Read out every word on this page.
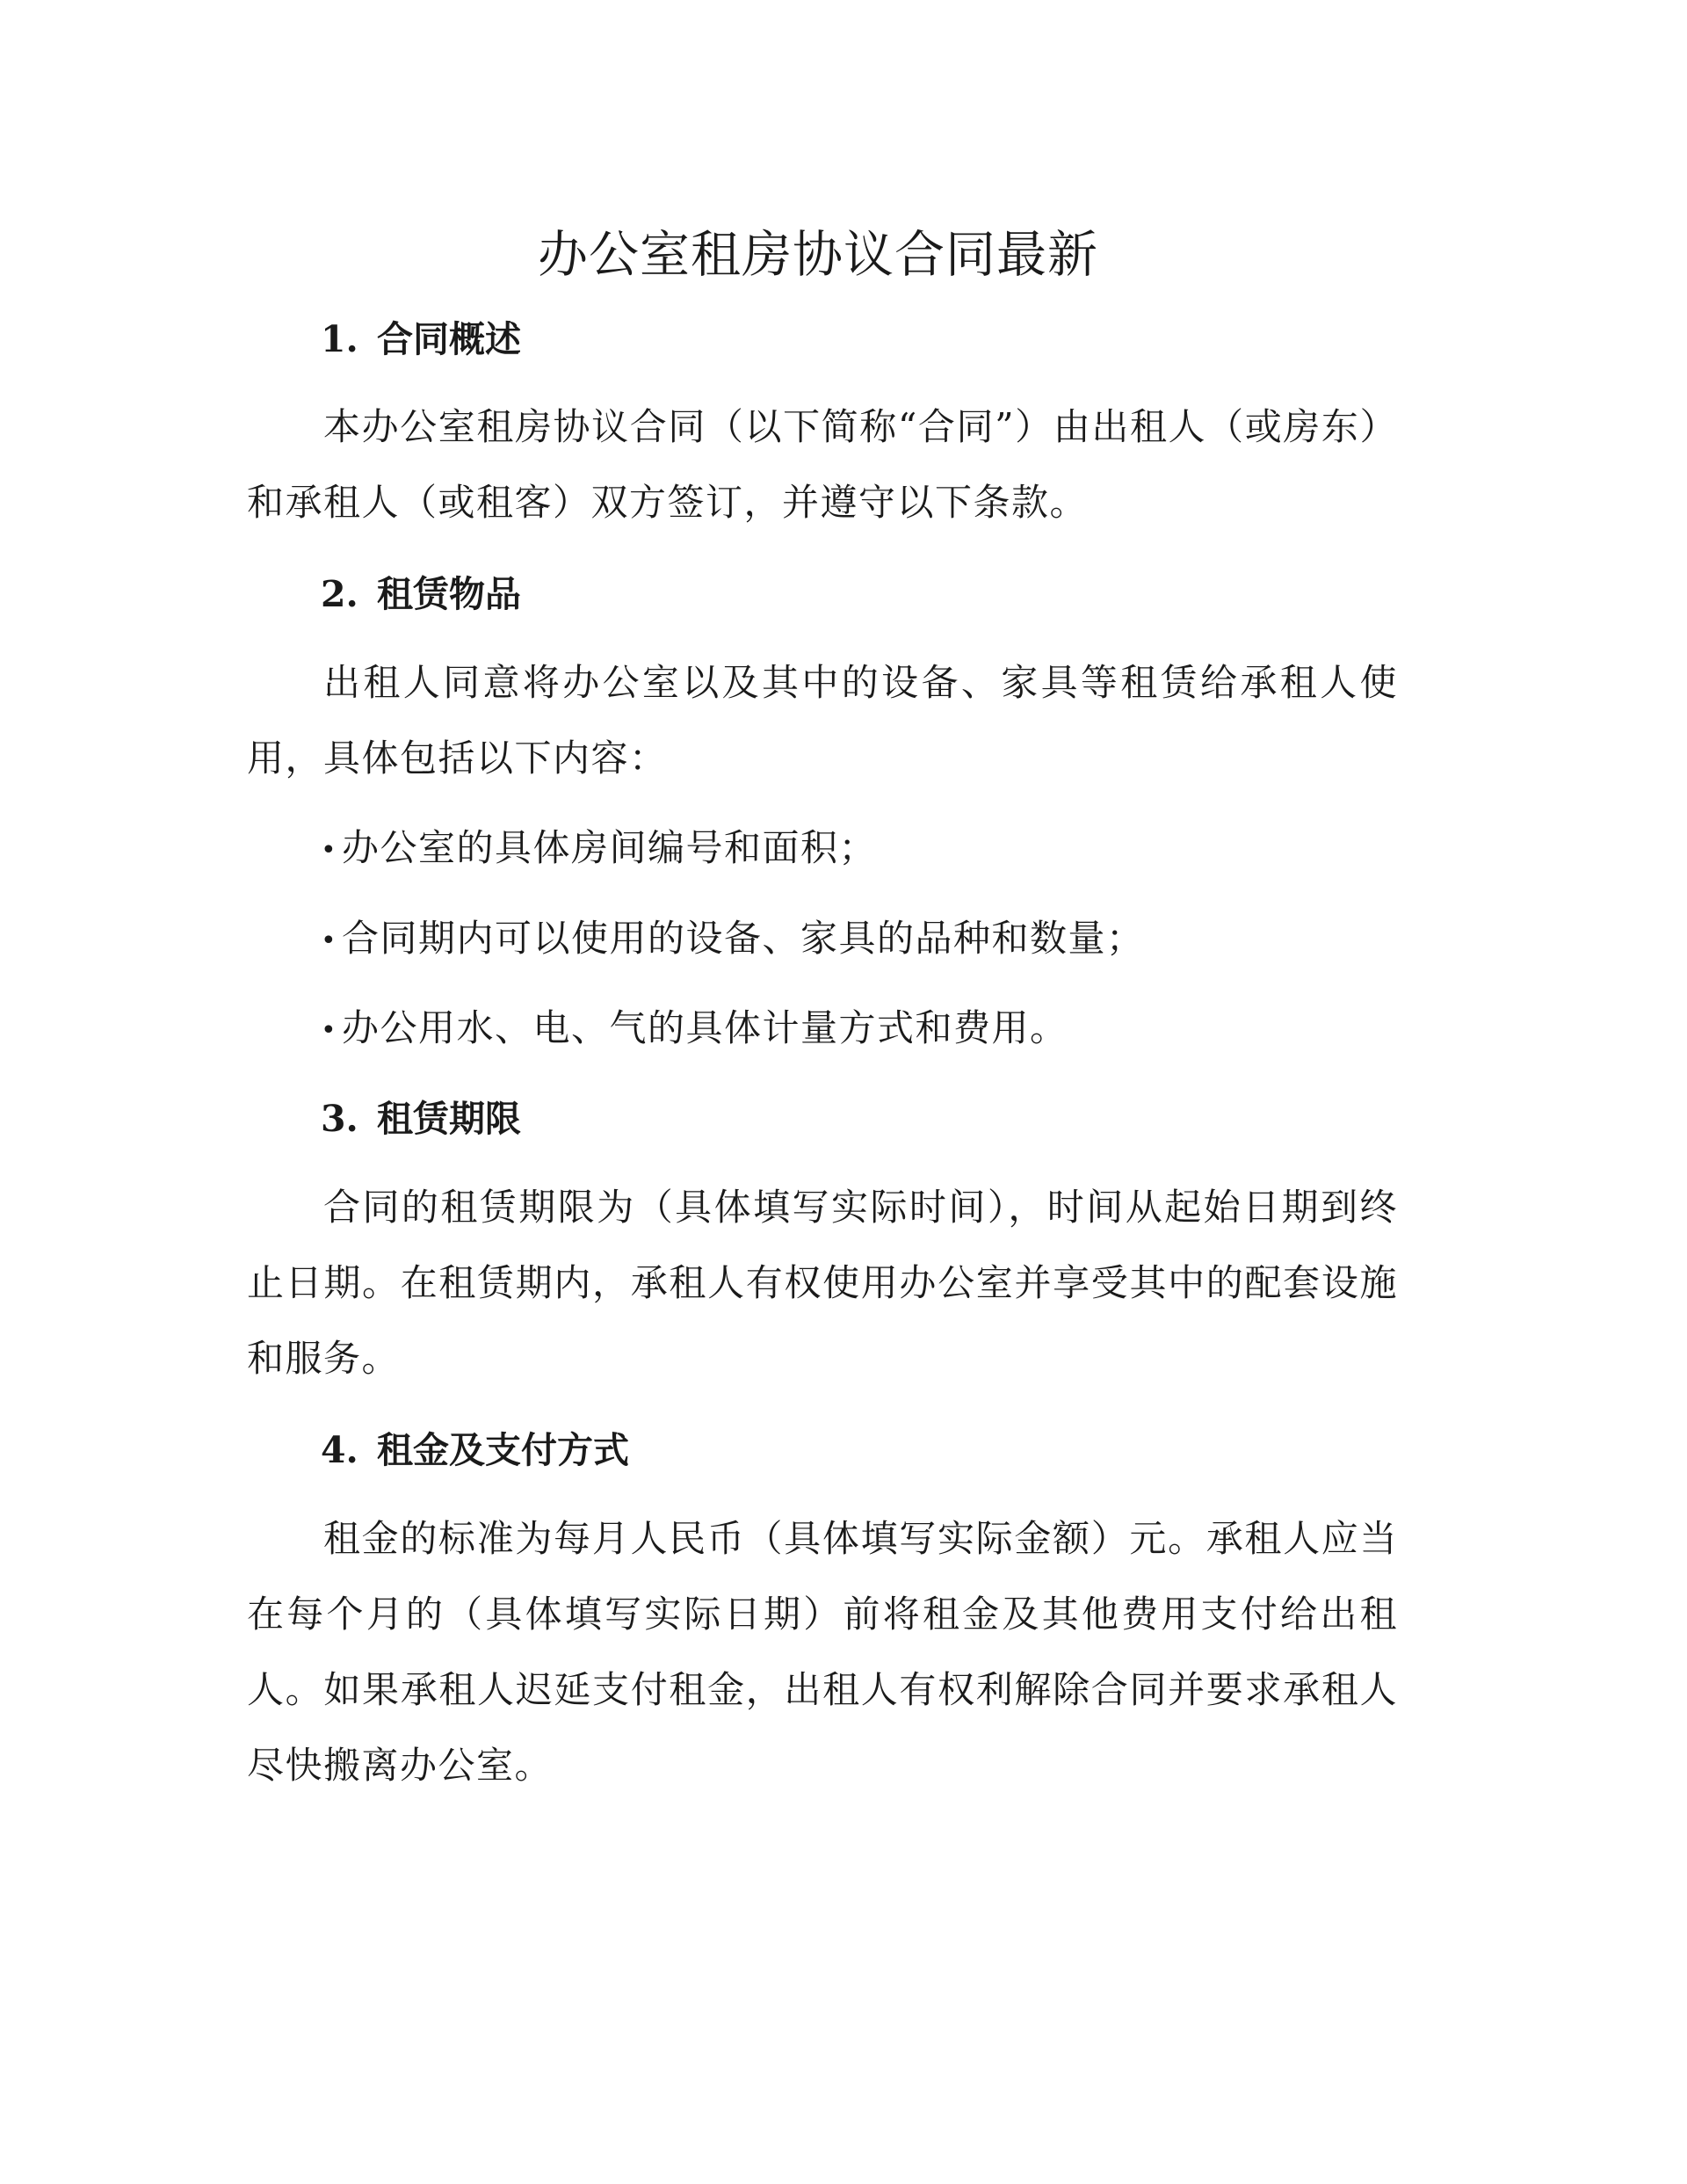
办公室租房协议合同最新
1. 合同概述

本办公室租房协议合同（以下简称“合同”）由出租人（或房东）和承租人（或租客）双方签订，并遵守以下条款。

2. 租赁物品

出租人同意将办公室以及其中的设备、家具等租赁给承租人使用，具体包括以下内容：

• 办公室的具体房间编号和面积；
• 合同期内可以使用的设备、家具的品种和数量；
• 办公用水、电、气的具体计量方式和费用。
3. 租赁期限

合同的租赁期限为（具体填写实际时间），时间从起始日期到终止日期。在租赁期内，承租人有权使用办公室并享受其中的配套设施和服务。

4. 租金及支付方式

租金的标准为每月人民币（具体填写实际金额）元。承租人应当在每个月的（具体填写实际日期）前将租金及其他费用支付给出租人。如果承租人迟延支付租金，出租人有权利解除合同并要求承租人尽快搬离办公室。
